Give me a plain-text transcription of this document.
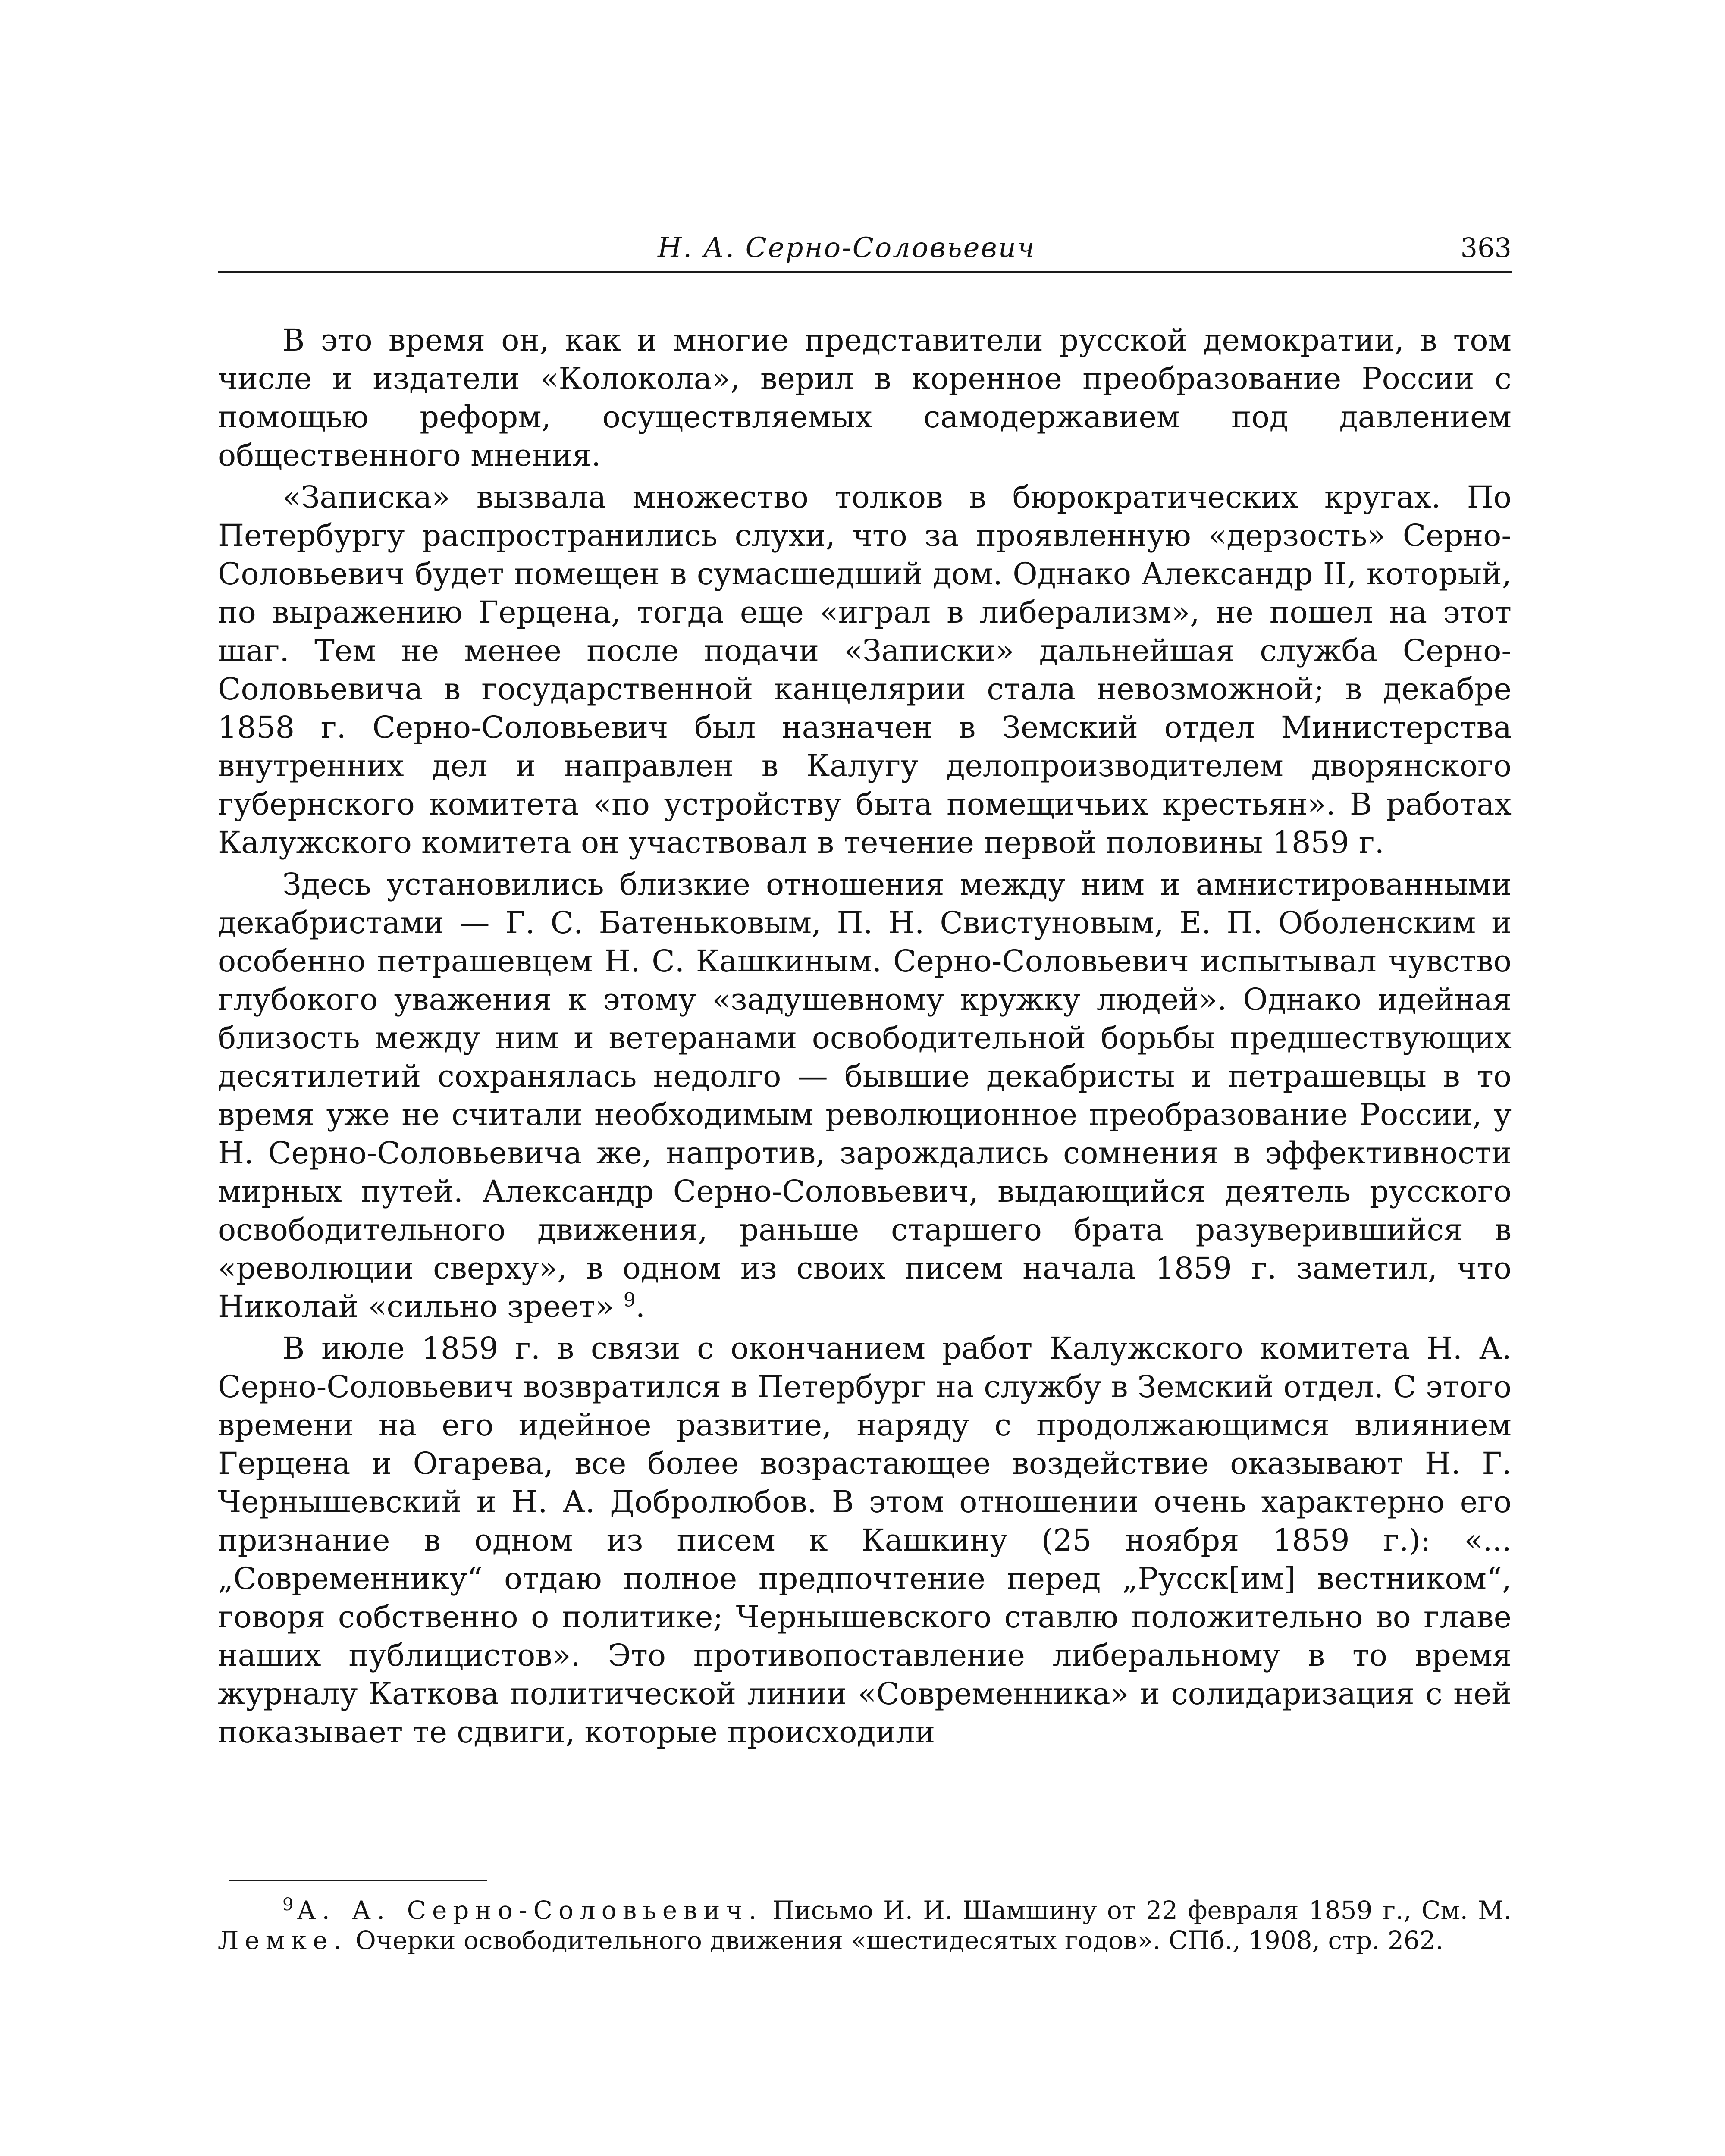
Н. А. Серно-Соловьевич	363

В это время он, как и многие представители русской демократии, в том числе и издатели «Колокола», верил в коренное преобразование России с помощью реформ, осуществляемых самодержавием под давлением общественного мнения.

«Записка» вызвала множество толков в бюрократических кругах. По Петербургу распространились слухи, что за проявленную «дерзость» Серно-Соловьевич будет помещен в сумасшедший дом. Однако Александр II, который, по выражению Герцена, тогда еще «играл в либерализм», не пошел на этот шаг. Тем не менее после подачи «Записки» дальнейшая служба Серно-Соловьевича в государственной канцелярии стала невозможной; в декабре 1858 г. Серно-Соловьевич был назначен в Земский отдел Министерства внутренних дел и направлен в Калугу делопроизводителем дворянского губернского комитета «по устройству быта помещичьих крестьян». В работах Калужского комитета он участвовал в течение первой половины 1859 г.

Здесь установились близкие отношения между ним и амнистированными декабристами — Г. С. Батеньковым, П. Н. Свистуновым, Е. П. Оболенским и особенно петрашевцем Н. С. Кашкиным. Серно-Соловьевич испытывал чувство глубокого уважения к этому «задушевному кружку людей». Однако идейная близость между ним и ветеранами освободительной борьбы предшествующих десятилетий сохранялась недолго — бывшие декабристы и петрашевцы в то время уже не считали необходимым революционное преобразование России, у Н. Серно-Соловьевича же, напротив, зарождались сомнения в эффективности мирных путей. Александр Серно-Соловьевич, выдающийся деятель русского освободительного движения, раньше старшего брата разуверившийся в «революции сверху», в одном из своих писем начала 1859 г. заметил, что Николай «сильно зреет» $^9$.

В июле 1859 г. в связи с окончанием работ Калужского комитета Н. А. Серно-Соловьевич возвратился в Петербург на службу в Земский отдел. С этого времени на его идейное развитие, наряду с продолжающимся влиянием Герцена и Огарева, все более возрастающее воздействие оказывают Н. Г. Чернышевский и Н. А. Добролюбов. В этом отношении очень характерно его признание в одном из писем к Кашкину (25 ноября 1859 г.): «...„Современнику“ отдаю полное предпочтение перед „Русск[им] вестником“, говоря собственно о политике; Чернышевского ставлю положительно во главе наших публицистов». Это противопоставление либеральному в то время журналу Каткова политической линии «Современника» и солидаризация с ней показывает те сдвиги, которые происходили

$^9$ А. А. Серно-Соловьевич. Письмо И. И. Шамшину от 22 февраля 1859 г., См. М. Лемке. Очерки освободительного движения «шестидесятых годов». СПб., 1908, стр. 262.
